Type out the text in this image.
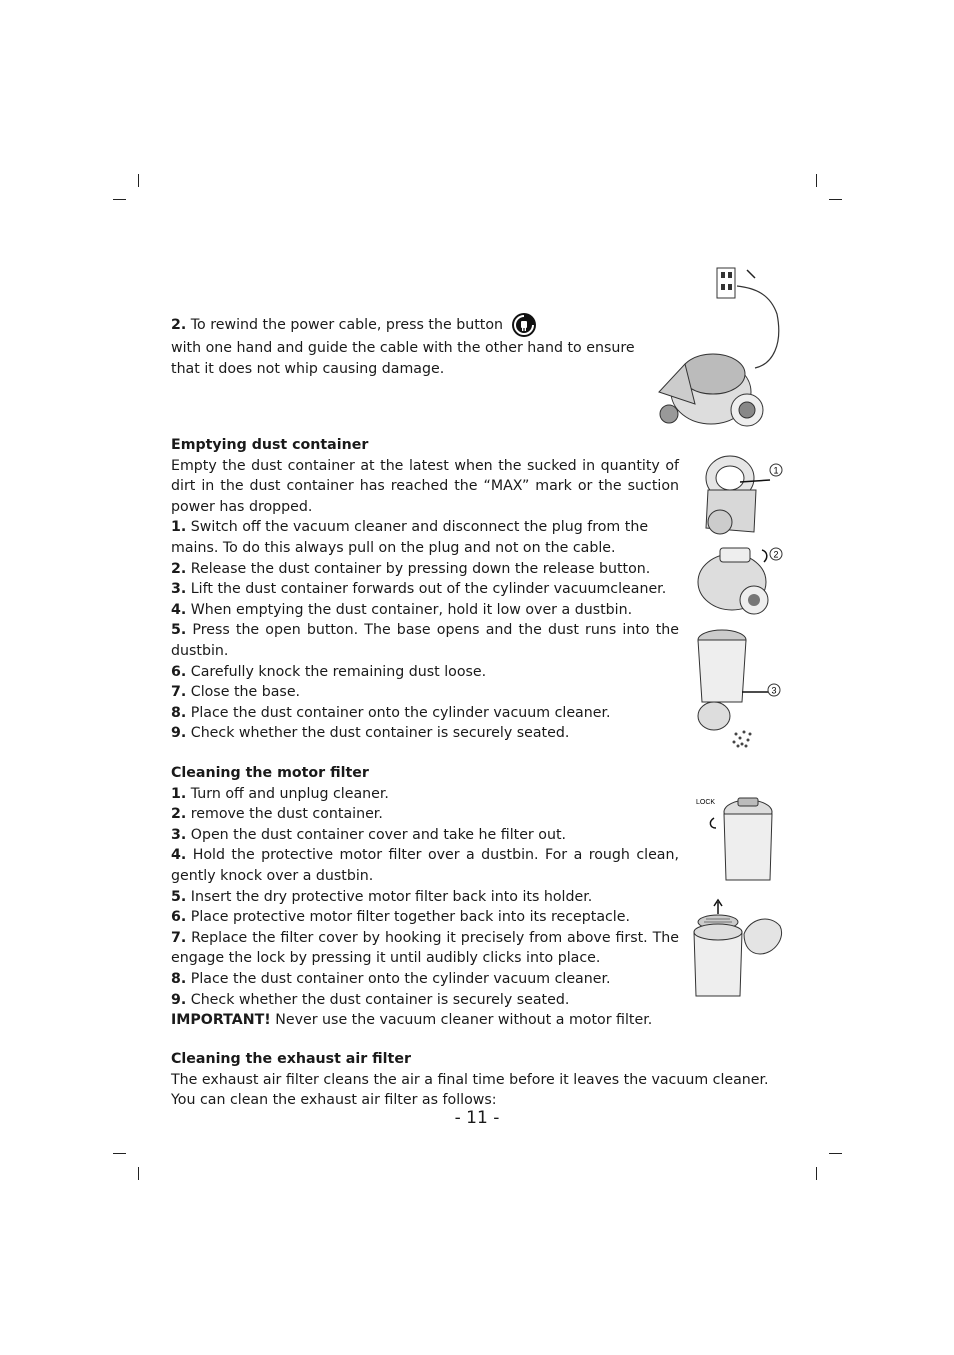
2. To rewind the power cable, press the button

with one hand and guide the cable with the other hand to ensure that it does not whip causing damage.

Emptying dust container

Empty the dust container at the latest when the sucked in quantity of dirt in the dust container has reached the “MAX” mark or the suction power has dropped.

1. Switch off the vacuum cleaner and disconnect the plug from the mains. To do this always pull on the plug and not on the cable.

2. Release the dust container by pressing down the release button.

3. Lift the dust container forwards out of the cylinder vacuumcleaner.

4. When emptying the dust container, hold it low over a dustbin.

5. Press the open button. The base opens and the dust runs into the dustbin.

6. Carefully knock the remaining dust loose.

7. Close the base.

8. Place the dust container onto the cylinder vacuum cleaner.

9. Check whether the dust container is securely seated.

1
2
3

Cleaning the motor filter

1. Turn off and unplug cleaner.

2. remove the dust container.

3. Open the dust container cover and take he filter out.

4. Hold the protective motor filter over a dustbin. For a rough clean, gently knock over a dustbin.

5. Insert the dry protective motor filter back into its holder.

6. Place protective motor filter together back into its receptacle.

7. Replace the filter cover by hooking it precisely from above first. The engage the lock by pressing it until audibly clicks into place.

8. Place the dust container onto the cylinder vacuum cleaner.

9. Check whether the dust container is securely seated.

IMPORTANT! Never use the vacuum cleaner without a motor filter.

LOCK

Cleaning the exhaust air filter

The exhaust air filter cleans the air a final time before it leaves the vacuum cleaner. You can clean the exhaust air filter as follows:

- 11 -
